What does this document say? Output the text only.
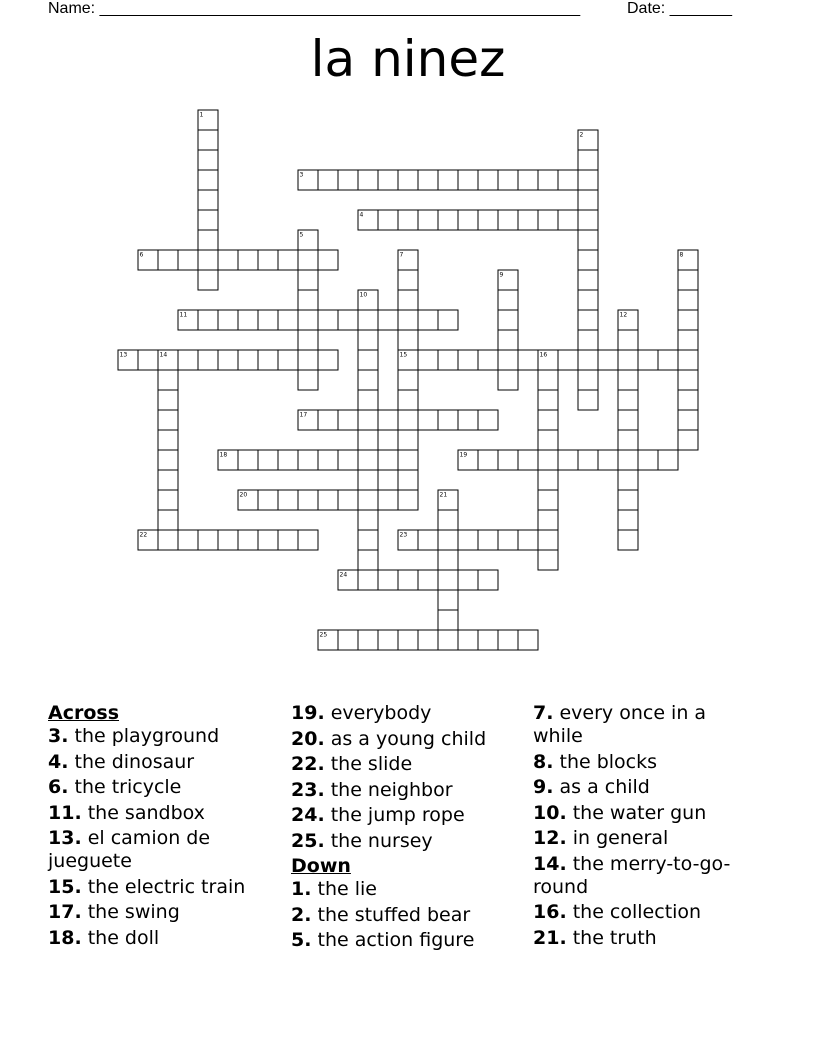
Name: ______________________________________________________	Date: _______
la ninez
3
4
6
11
13	15
17
18	19
20
22	23
24
25
1
2
5
7	8
9
10
12
14	16
21
Across
3. the playground
4. the dinosaur
6. the tricycle
11. the sandbox
13. el camion de jueguete
15. the electric train
17. the swing
18. the doll
19. everybody
20. as a young child
22. the slide
23. the neighbor
24. the jump rope
25. the nursey
Down
1. the lie
2. the stuffed bear
5. the action figure
7. every once in a while
8. the blocks
9. as a child
10. the water gun
12. in general
14. the merry-to-go-round
16. the collection
21. the truth
